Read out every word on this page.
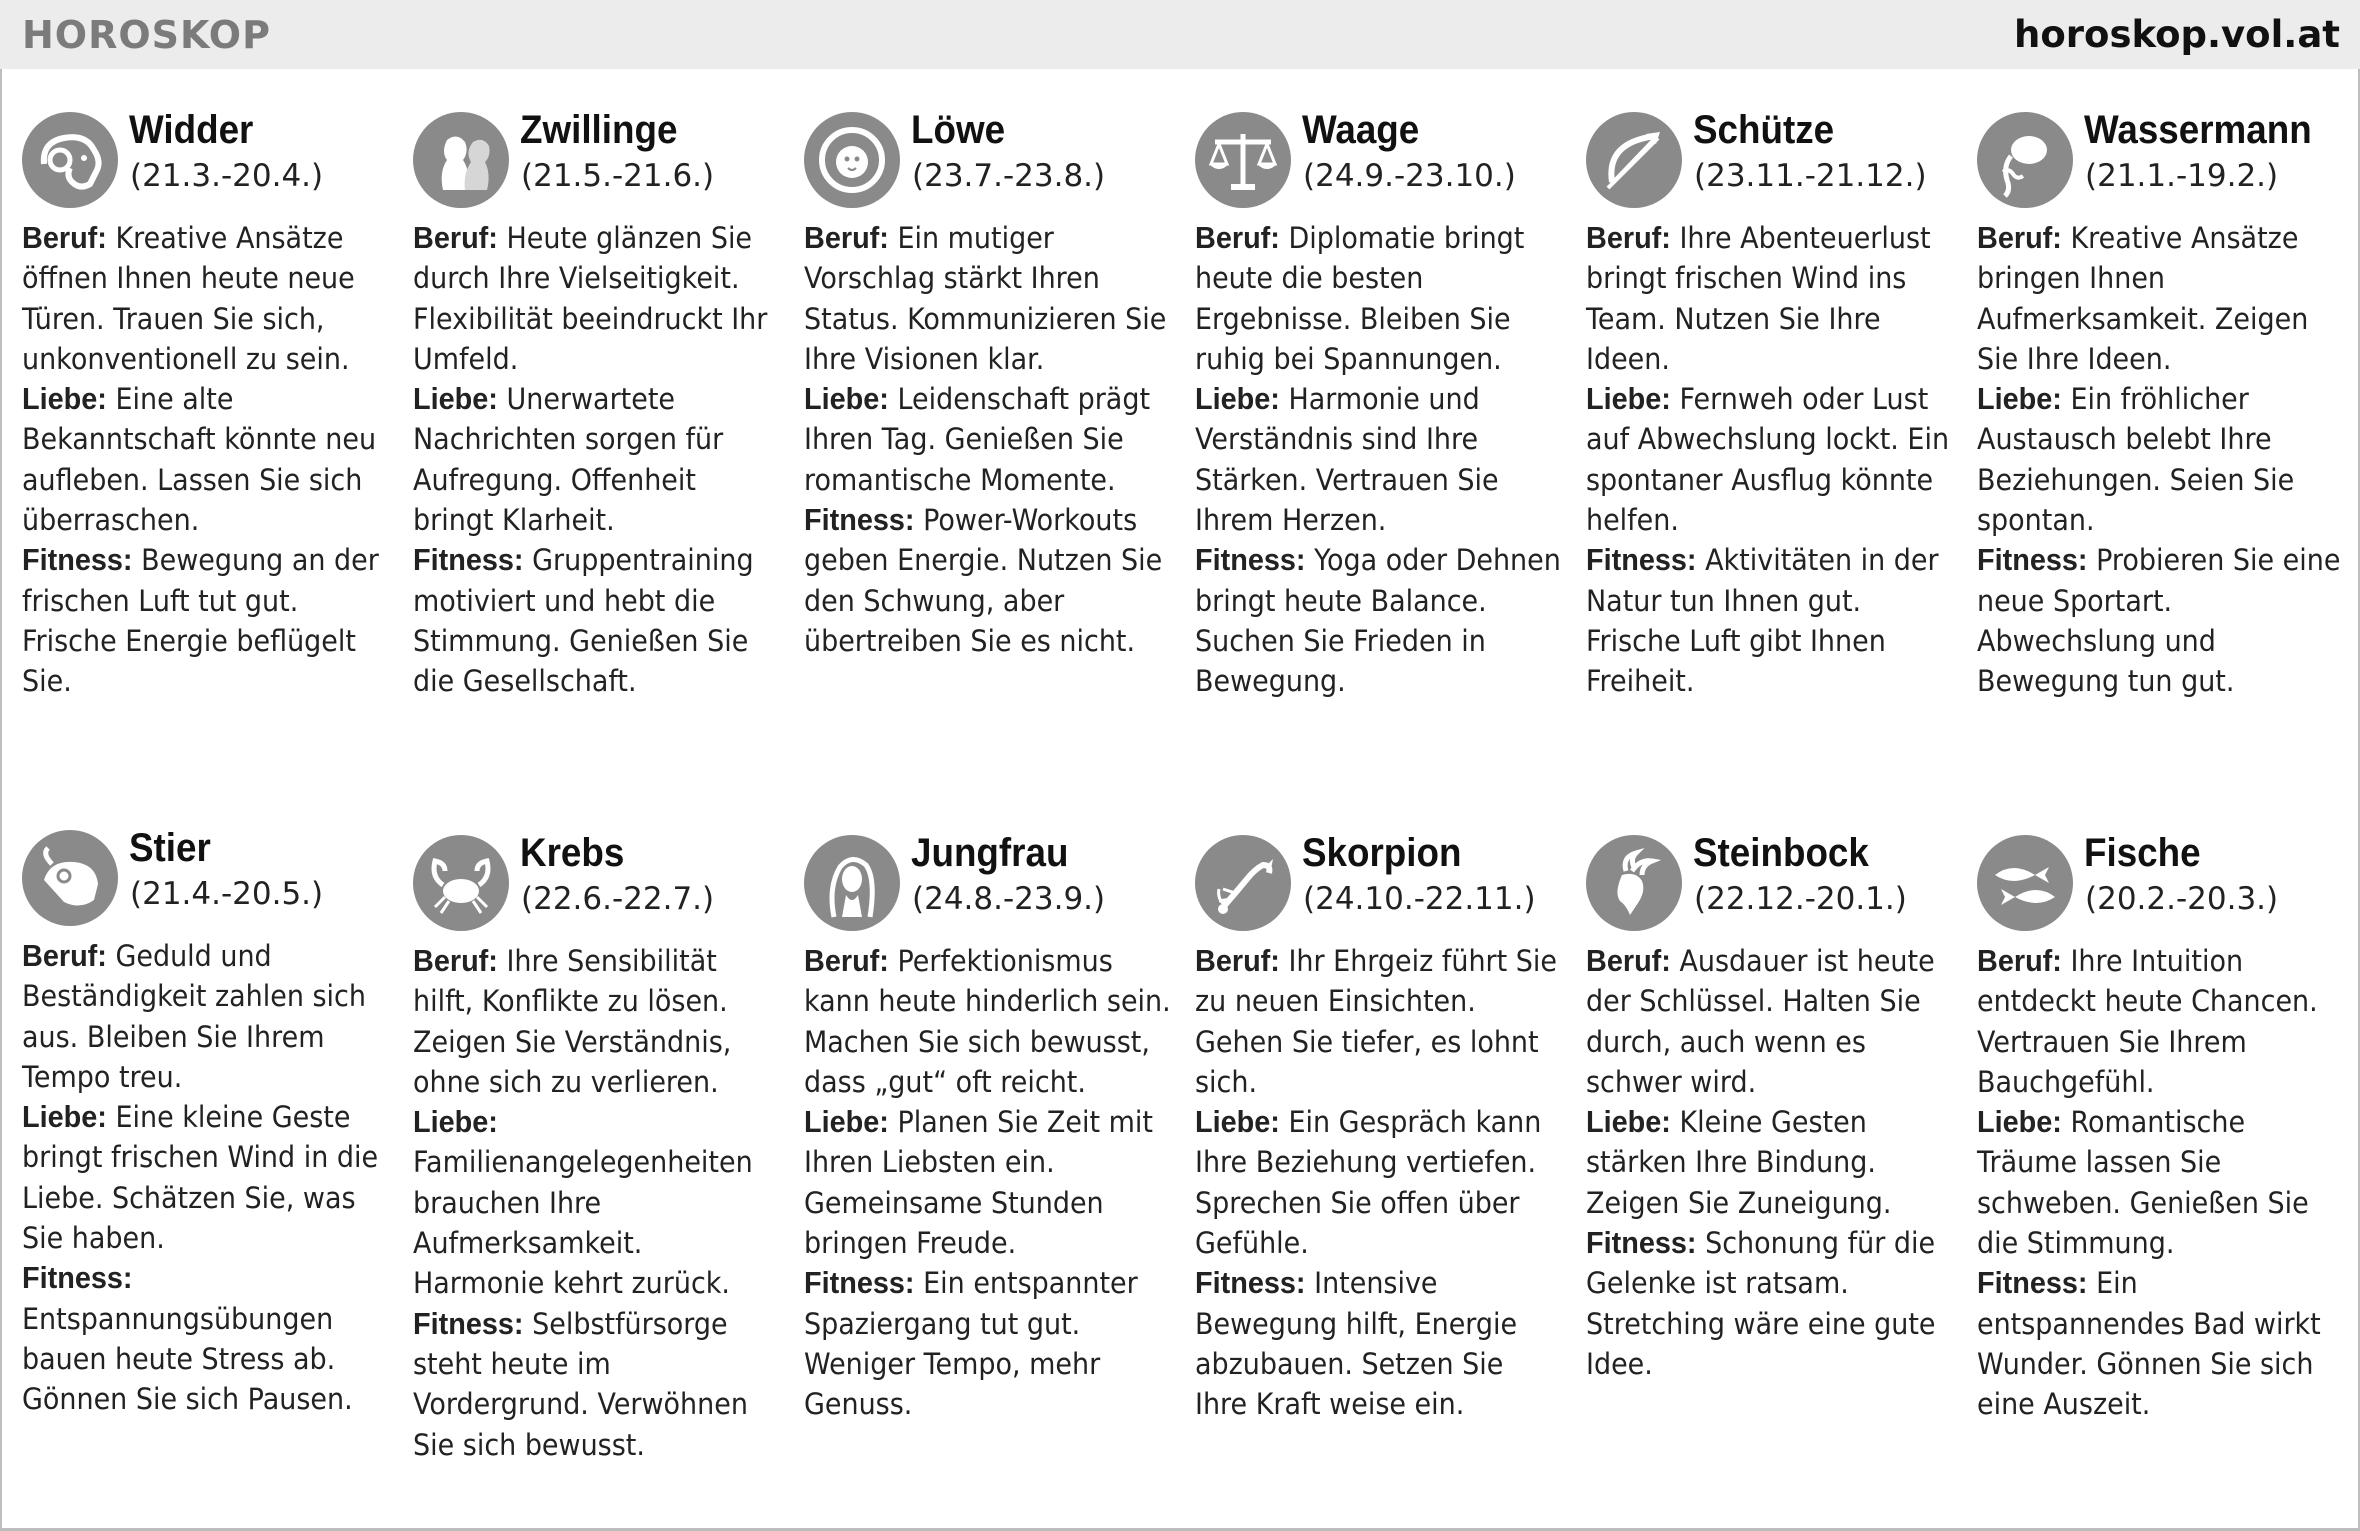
HOROSKOP	horoskop.vol.at
Widder
(21.3.-20.4.)

Beruf: Kreative Ansätze öffnen Ihnen heute neue Türen. Trauen Sie sich, unkonventionell zu sein.

Liebe: Eine alte Bekanntschaft könnte neu aufleben. Lassen Sie sich überraschen.

Fitness: Bewegung an der frischen Luft tut gut. Frische Energie beflügelt Sie.

Zwillinge
(21.5.-21.6.)

Beruf: Heute glänzen Sie durch Ihre Vielseitigkeit. Flexibilität beeindruckt Ihr Umfeld.

Liebe: Unerwartete Nachrichten sorgen für Aufregung. Offenheit bringt Klarheit.

Fitness: Gruppentraining motiviert und hebt die Stimmung. Genießen Sie die Gesellschaft.

Löwe
(23.7.-23.8.)

Beruf: Ein mutiger Vorschlag stärkt Ihren Status. Kommunizieren Sie Ihre Visionen klar.

Liebe: Leidenschaft prägt Ihren Tag. Genießen Sie romantische Momente.

Fitness: Power-Workouts geben Energie. Nutzen Sie den Schwung, aber übertreiben Sie es nicht.

Waage
(24.9.-23.10.)

Beruf: Diplomatie bringt heute die besten Ergebnisse. Bleiben Sie ruhig bei Spannungen.

Liebe: Harmonie und Verständnis sind Ihre Stärken. Vertrauen Sie Ihrem Herzen.

Fitness: Yoga oder Dehnen bringt heute Balance. Suchen Sie Frieden in Bewegung.

Schütze
(23.11.-21.12.)

Beruf: Ihre Abenteuerlust bringt frischen Wind ins Team. Nutzen Sie Ihre Ideen.

Liebe: Fernweh oder Lust auf Abwechslung lockt. Ein spontaner Ausflug könnte helfen.

Fitness: Aktivitäten in der Natur tun Ihnen gut. Frische Luft gibt Ihnen Freiheit.

Wassermann
(21.1.-19.2.)

Beruf: Kreative Ansätze bringen Ihnen Aufmerksamkeit. Zeigen Sie Ihre Ideen.

Liebe: Ein fröhlicher Austausch belebt Ihre Beziehungen. Seien Sie spontan.

Fitness: Probieren Sie eine neue Sportart. Abwechslung und Bewegung tun gut.

Stier
(21.4.-20.5.)

Beruf: Geduld und Beständigkeit zahlen sich aus. Bleiben Sie Ihrem Tempo treu.

Liebe: Eine kleine Geste bringt frischen Wind in die Liebe. Schätzen Sie, was Sie haben.

Fitness: Entspannungsübungen bauen heute Stress ab. Gönnen Sie sich Pausen.

Krebs
(22.6.-22.7.)

Beruf: Ihre Sensibilität hilft, Konflikte zu lösen. Zeigen Sie Verständnis, ohne sich zu verlieren.

Liebe: Familienangelegenheiten brauchen Ihre Aufmerksamkeit. Harmonie kehrt zurück.

Fitness: Selbstfürsorge steht heute im Vordergrund. Verwöhnen Sie sich bewusst.

Jungfrau
(24.8.-23.9.)

Beruf: Perfektionismus kann heute hinderlich sein. Machen Sie sich bewusst, dass „gut“ oft reicht.

Liebe: Planen Sie Zeit mit Ihren Liebsten ein. Gemeinsame Stunden bringen Freude.

Fitness: Ein entspannter Spaziergang tut gut. Weniger Tempo, mehr Genuss.

Skorpion
(24.10.-22.11.)

Beruf: Ihr Ehrgeiz führt Sie zu neuen Einsichten. Gehen Sie tiefer, es lohnt sich.

Liebe: Ein Gespräch kann Ihre Beziehung vertiefen. Sprechen Sie offen über Gefühle.

Fitness: Intensive Bewegung hilft, Energie abzubauen. Setzen Sie Ihre Kraft weise ein.

Steinbock
(22.12.-20.1.)

Beruf: Ausdauer ist heute der Schlüssel. Halten Sie durch, auch wenn es schwer wird.

Liebe: Kleine Gesten stärken Ihre Bindung. Zeigen Sie Zuneigung.

Fitness: Schonung für die Gelenke ist ratsam. Stretching wäre eine gute Idee.

Fische
(20.2.-20.3.)

Beruf: Ihre Intuition entdeckt heute Chancen. Vertrauen Sie Ihrem Bauchgefühl.

Liebe: Romantische Träume lassen Sie schweben. Genießen Sie die Stimmung.

Fitness: Ein entspannendes Bad wirkt Wunder. Gönnen Sie sich eine Auszeit.
